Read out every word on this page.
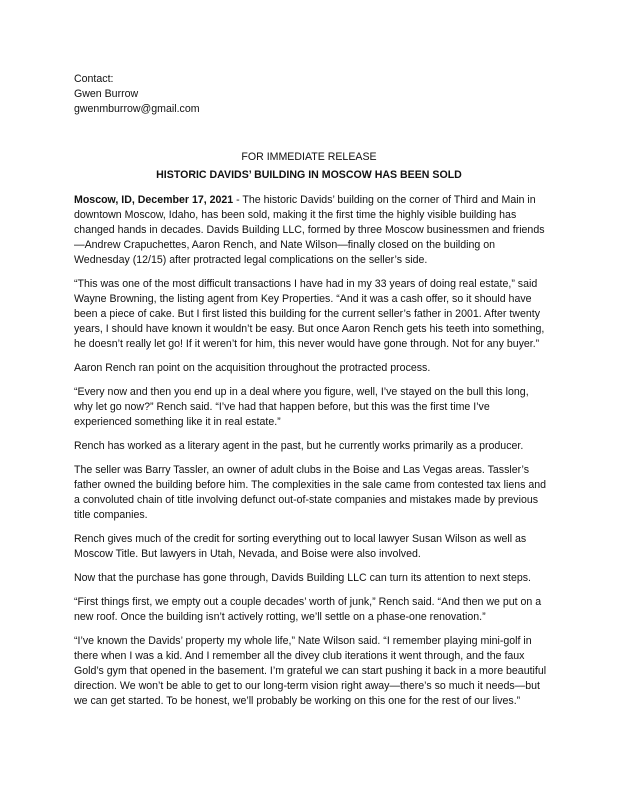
Contact:
Gwen Burrow
gwenmburrow@gmail.com
FOR IMMEDIATE RELEASE
HISTORIC DAVIDS’ BUILDING IN MOSCOW HAS BEEN SOLD

Moscow, ID, December 17, 2021 - The historic Davids’ building on the corner of Third and Main in downtown Moscow, Idaho, has been sold, making it the first time the highly visible building has changed hands in decades. Davids Building LLC, formed by three Moscow businessmen and friends—Andrew Crapuchettes, Aaron Rench, and Nate Wilson—finally closed on the building on Wednesday (12/15) after protracted legal complications on the seller’s side.

“This was one of the most difficult transactions I have had in my 33 years of doing real estate,” said Wayne Browning, the listing agent from Key Properties. “And it was a cash offer, so it should have been a piece of cake. But I first listed this building for the current seller’s father in 2001. After twenty years, I should have known it wouldn’t be easy. But once Aaron Rench gets his teeth into something, he doesn’t really let go! If it weren’t for him, this never would have gone through. Not for any buyer.”

Aaron Rench ran point on the acquisition throughout the protracted process.

“Every now and then you end up in a deal where you figure, well, I’ve stayed on the bull this long, why let go now?” Rench said. “I’ve had that happen before, but this was the first time I’ve experienced something like it in real estate.”

Rench has worked as a literary agent in the past, but he currently works primarily as a producer.

The seller was Barry Tassler, an owner of adult clubs in the Boise and Las Vegas areas. Tassler’s father owned the building before him. The complexities in the sale came from contested tax liens and a convoluted chain of title involving defunct out-of-state companies and mistakes made by previous title companies.

Rench gives much of the credit for sorting everything out to local lawyer Susan Wilson as well as Moscow Title. But lawyers in Utah, Nevada, and Boise were also involved.

Now that the purchase has gone through, Davids Building LLC can turn its attention to next steps.

“First things first, we empty out a couple decades’ worth of junk,” Rench said. “And then we put on a new roof. Once the building isn’t actively rotting, we’ll settle on a phase-one renovation.”

“I’ve known the Davids’ property my whole life,” Nate Wilson said. “I remember playing mini-golf in there when I was a kid. And I remember all the divey club iterations it went through, and the faux Gold’s gym that opened in the basement. I’m grateful we can start pushing it back in a more beautiful direction. We won’t be able to get to our long-term vision right away—there’s so much it needs—but we can get started. To be honest, we’ll probably be working on this one for the rest of our lives.”
